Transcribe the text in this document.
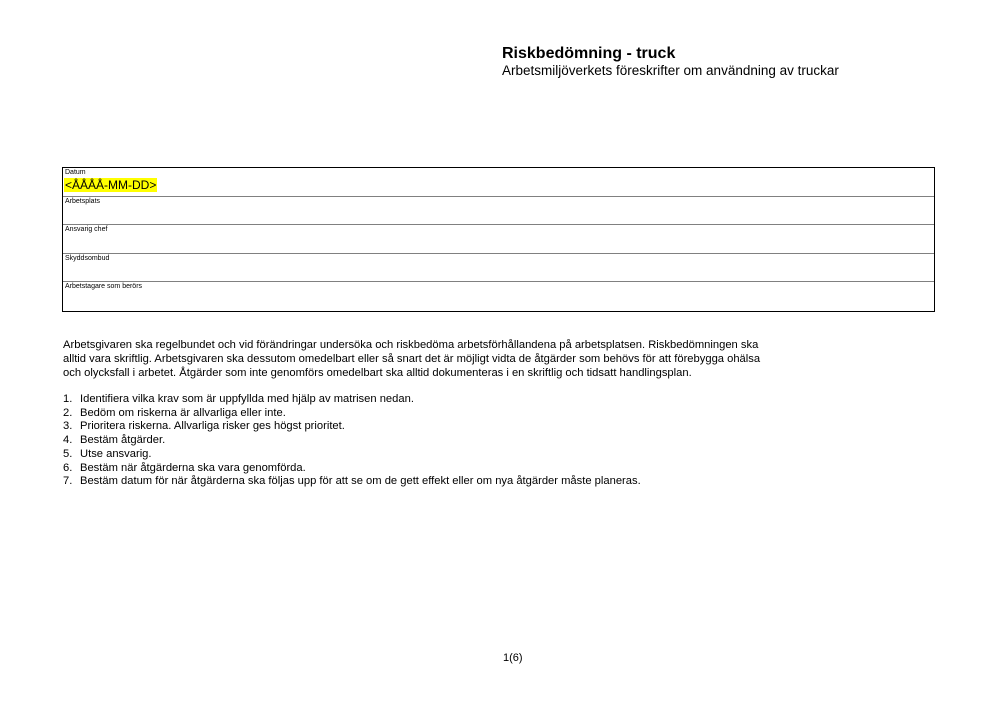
Riskbedömning - truck
Arbetsmiljöverkets föreskrifter om användning av truckar
Datum
<ÅÅÅÅ-MM-DD>
Arbetsplats
Ansvarig chef
Skyddsombud
Arbetstagare som berörs

Arbetsgivaren ska regelbundet och vid förändringar undersöka och riskbedöma arbetsförhållandena på arbetsplatsen. Riskbedömningen ska

alltid vara skriftlig. Arbetsgivaren ska dessutom omedelbart eller så snart det är möjligt vidta de åtgärder som behövs för att förebygga ohälsa

och olycksfall i arbetet. Åtgärder som inte genomförs omedelbart ska alltid dokumenteras i en skriftlig och tidsatt handlingsplan.

1. Identifiera vilka krav som är uppfyllda med hjälp av matrisen nedan.
2. Bedöm om riskerna är allvarliga eller inte.
3. Prioritera riskerna. Allvarliga risker ges högst prioritet.
4. Bestäm åtgärder.
5. Utse ansvarig.
6. Bestäm när åtgärderna ska vara genomförda.
7. Bestäm datum för när åtgärderna ska följas upp för att se om de gett effekt eller om nya åtgärder måste planeras.
1(6)
